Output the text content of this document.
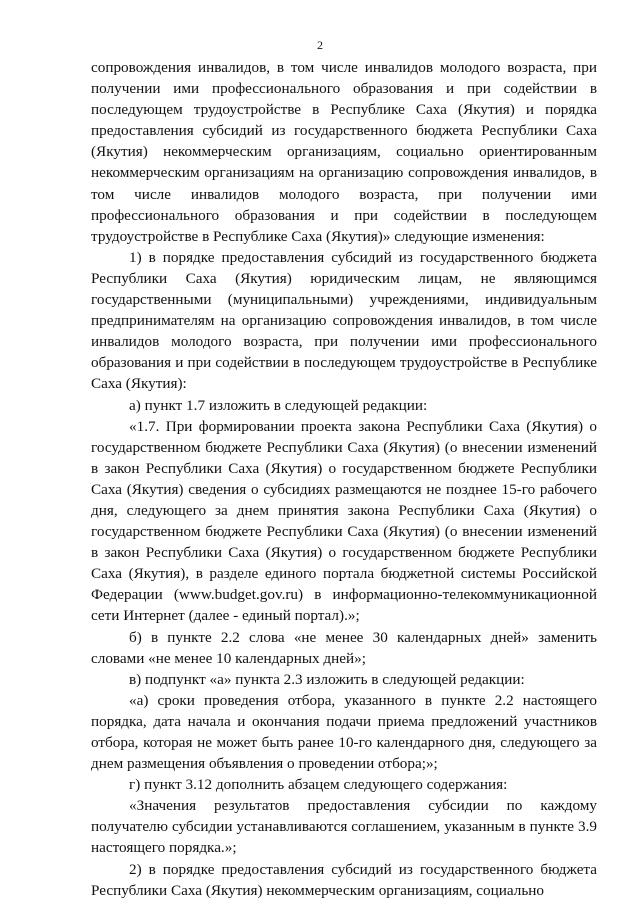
2

сопровождения инвалидов, в том числе инвалидов молодого возраста, при получении ими профессионального образования и при содействии в последующем трудоустройстве в Республике Саха (Якутия) и порядка предоставления субсидий из государственного бюджета Республики Саха (Якутия) некоммерческим организациям, социально ориентированным некоммерческим организациям на организацию сопровождения инвалидов, в том числе инвалидов молодого возраста, при получении ими профессионального образования и при содействии в последующем трудоустройстве в Республике Саха (Якутия)» следующие изменения:

1) в порядке предоставления субсидий из государственного бюджета Республики Саха (Якутия) юридическим лицам, не являющимся государственными (муниципальными) учреждениями, индивидуальным предпринимателям на организацию сопровождения инвалидов, в том числе инвалидов молодого возраста, при получении ими профессионального образования и при содействии в последующем трудоустройстве в Республике Саха (Якутия):

а) пункт 1.7 изложить в следующей редакции:

«1.7. При формировании проекта закона Республики Саха (Якутия) о государственном бюджете Республики Саха (Якутия) (о внесении изменений в закон Республики Саха (Якутия) о государственном бюджете Республики Саха (Якутия) сведения о субсидиях размещаются не позднее 15-го рабочего дня, следующего за днем принятия закона Республики Саха (Якутия) о государственном бюджете Республики Саха (Якутия) (о внесении изменений в закон Республики Саха (Якутия) о государственном бюджете Республики Саха (Якутия), в разделе единого портала бюджетной системы Российской Федерации (www.budget.gov.ru) в информационно-телекоммуникационной сети Интернет (далее - единый портал).»;

б) в пункте 2.2 слова «не менее 30 календарных дней» заменить словами «не менее 10 календарных дней»;

в) подпункт «а» пункта 2.3 изложить в следующей редакции:

«а) сроки проведения отбора, указанного в пункте 2.2 настоящего порядка, дата начала и окончания подачи приема предложений участников отбора, которая не может быть ранее 10-го календарного дня, следующего за днем размещения объявления о проведении отбора;»;

г) пункт 3.12 дополнить абзацем следующего содержания:

«Значения результатов предоставления субсидии по каждому получателю субсидии устанавливаются соглашением, указанным в пункте 3.9 настоящего порядка.»;

2) в порядке предоставления субсидий из государственного бюджета Республики Саха (Якутия) некоммерческим организациям, социально
